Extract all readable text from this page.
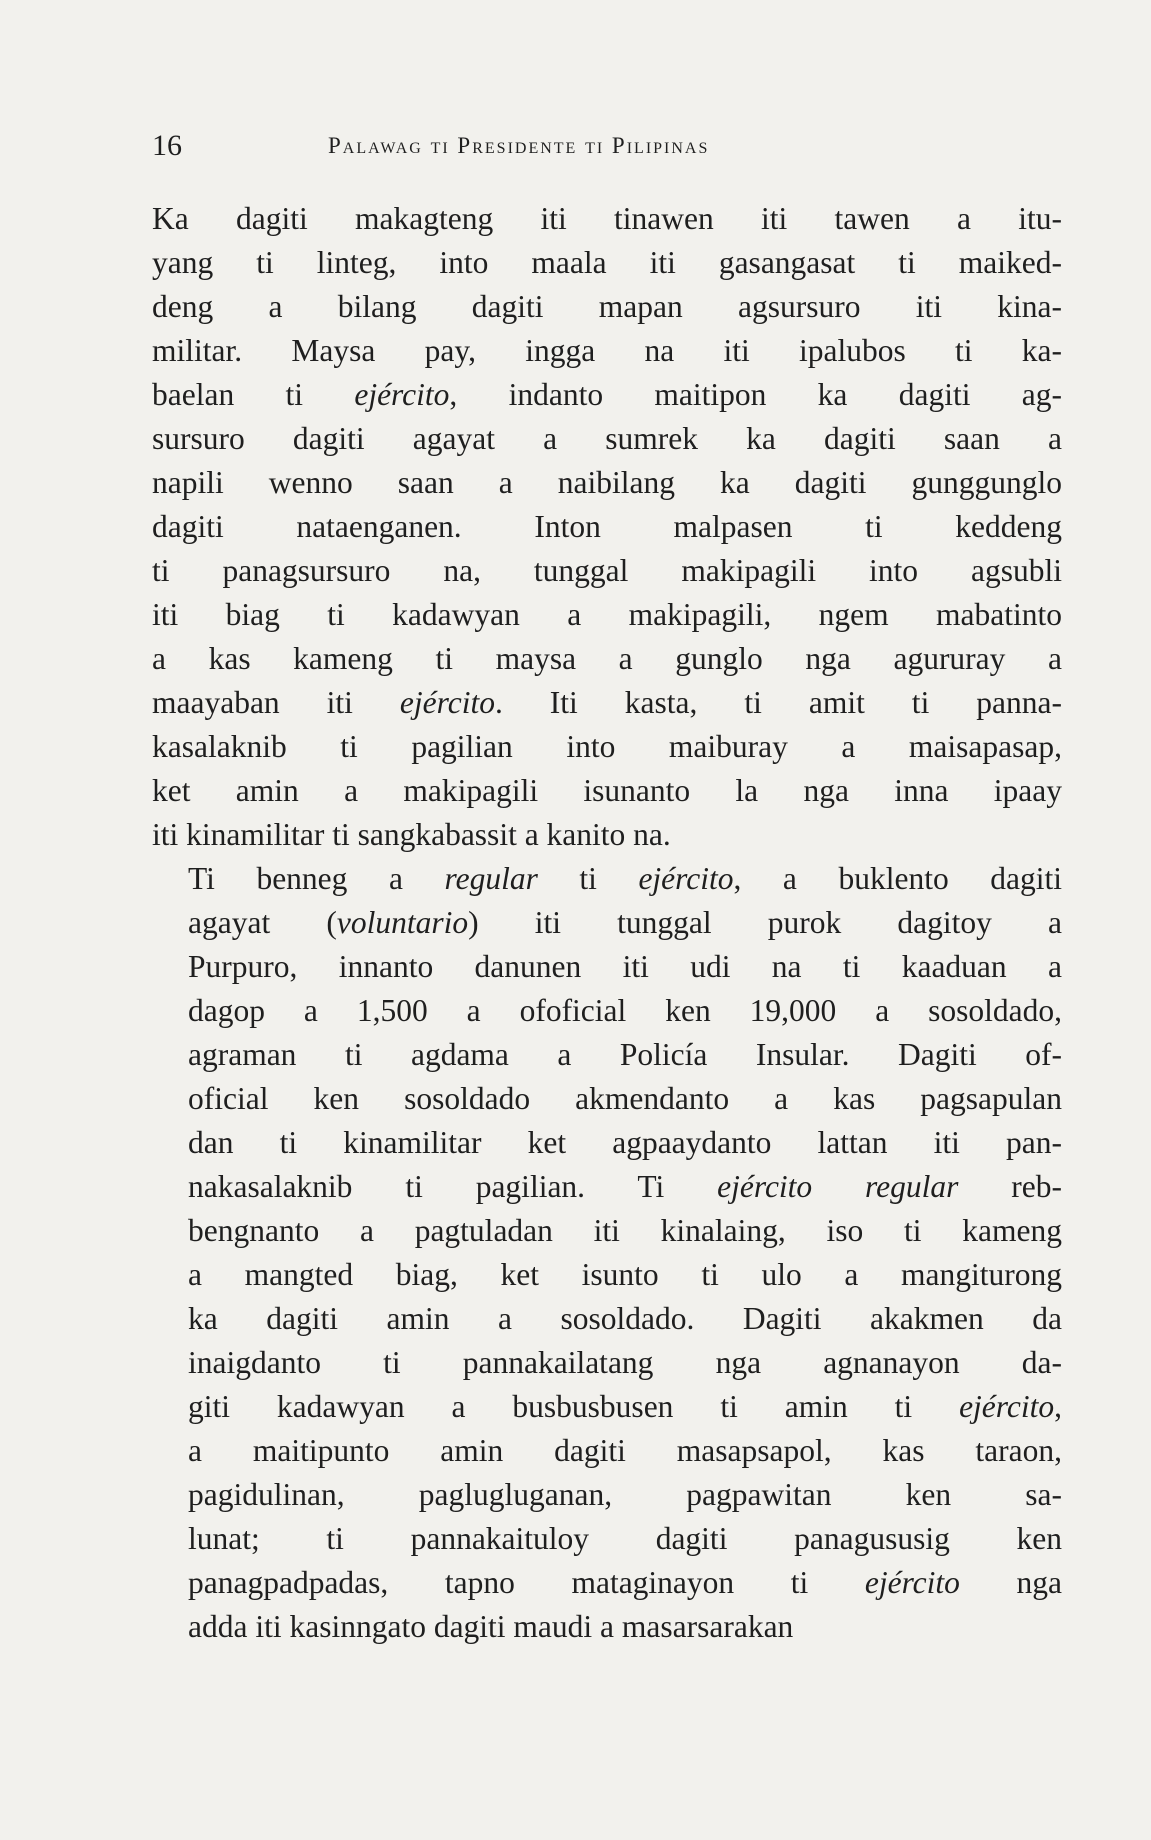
16	Palawag ti Presidente ti Pilipinas

Ka dagiti makagteng iti tinawen iti tawen a itu-
yang ti linteg, into maala iti gasangasat ti maiked-
deng a bilang dagiti mapan agsursuro iti kina-
militar. Maysa pay, ingga na iti ipalubos ti ka-
baelan ti ejército, indanto maitipon ka dagiti ag-
sursuro dagiti agayat a sumrek ka dagiti saan a
napili wenno saan a naibilang ka dagiti gunggunglo
dagiti nataenganen. Inton malpasen ti keddeng
ti panagsursuro na, tunggal makipagili into agsubli
iti biag ti kadawyan a makipagili, ngem mabatinto
a kas kameng ti maysa a gunglo nga agururay a
maayaban iti ejército. Iti kasta, ti amit ti panna-
kasalaknib ti pagilian into maiburay a maisapasap,
ket amin a makipagili isunanto la nga inna ipaay
iti kinamilitar ti sangkabassit a kanito na.

Ti benneg a regular ti ejército, a buklento dagiti
agayat (voluntario) iti tunggal purok dagitoy a
Purpuro, innanto danunen iti udi na ti kaaduan a
dagop a 1,500 a ofoficial ken 19,000 a sosoldado,
agraman ti agdama a Policía Insular. Dagiti of-
oficial ken sosoldado akmendanto a kas pagsapulan
dan ti kinamilitar ket agpaaydanto lattan iti pan-
nakasalaknib ti pagilian. Ti ejército regular reb-
bengnanto a pagtuladan iti kinalaing, iso ti kameng
a mangted biag, ket isunto ti ulo a mangiturong
ka dagiti amin a sosoldado. Dagiti akakmen da
inaigdanto ti pannakailatang nga agnanayon da-
giti kadawyan a busbusbusen ti amin ti ejército,
a maitipunto amin dagiti masapsapol, kas taraon,
pagidulinan, paglugluganan, pagpawitan ken sa-
lunat; ti pannakaituloy dagiti panagususig ken
panagpadpadas, tapno mataginayon ti ejército nga
adda iti kasinngato dagiti maudi a masarsarakan
